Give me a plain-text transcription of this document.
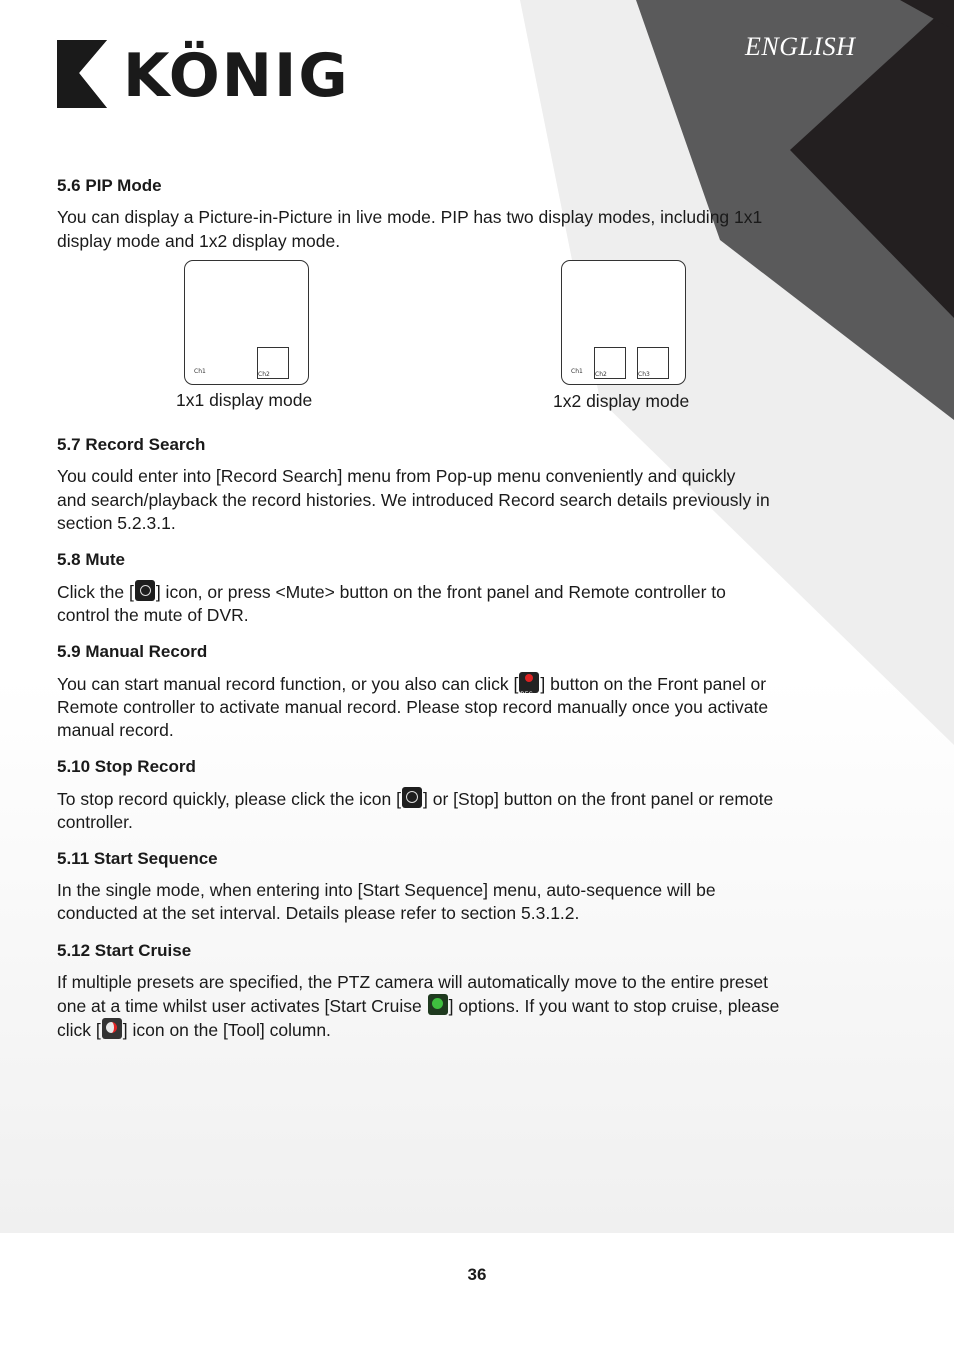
ENGLISH
KÖNIG
5.6 PIP Mode

You can display a Picture-in-Picture in live mode. PIP has two display modes, including 1x1

display mode and 1x2 display mode.

5.7 Record Search

You could enter into [Record Search] menu from Pop-up menu conveniently and quickly

and search/playback the record histories. We introduced Record search details previously in

section 5.2.3.1.

5.8 Mute

Click the [ ] icon, or press <Mute> button on the front panel and Remote controller to

control the mute of DVR.

5.9 Manual Record

You can start manual record function, or you also can click [REC ] button on the Front panel or

Remote controller to activate manual record. Please stop record manually once you activate

manual record.

5.10 Stop Record

To stop record quickly, please click the icon [ ] or [Stop] button on the front panel or remote

controller.

5.11 Start Sequence

In the single mode, when entering into [Start Sequence] menu, auto-sequence will be

conducted at the set interval. Details please refer to section 5.3.1.2.

5.12 Start Cruise

If multiple presets are specified, the PTZ camera will automatically move to the entire preset

one at a time whilst user activates [Start Cruise ] options. If you want to stop cruise, please

click [ ] icon on the [Tool] column.

Ch1	Ch2
1x1 display mode
Ch1 Ch2	Ch3
1x2 display mode
36
